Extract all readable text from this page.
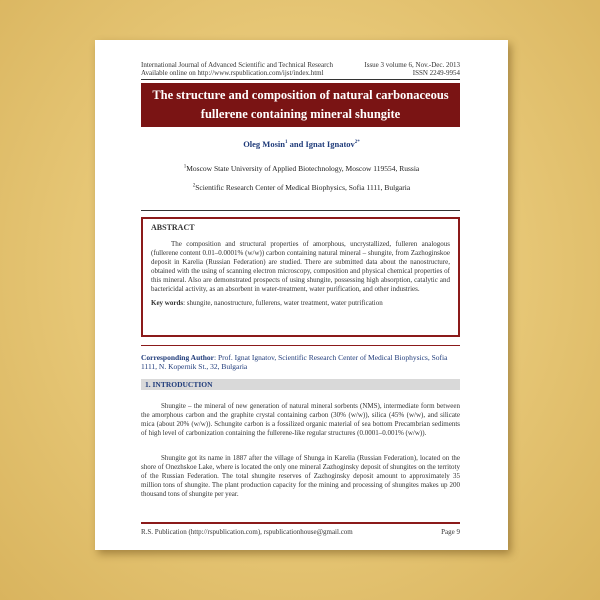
International Journal of Advanced Scientific and Technical Research
Available online on http://www.rspublication.com/ijst/index.html
Issue 3 volume 6, Nov.-Dec. 2013
ISSN 2249-9954
The structure and composition of natural carbonaceous
fullerene containing mineral shungite
Oleg Mosin$^1$ and Ignat Ignatov$^{2*}$
$^1$Moscow State University of Applied Biotechnology, Moscow 119554, Russia
$^2$Scientific Research Center of Medical Biophysics, Sofia 1111, Bulgaria
ABSTRACT
The composition and structural properties of amorphous, uncrystallized, fulleren analogous (fullerene content 0.01–0.0001% (w/w)) carbon containing natural mineral – shungite, from Zazhoginskoe deposit in Karelia (Russian Federation) are studied. There are submitted data about the nanostructure, obtained with the using of scanning electron microscopy, composition and physical chemical properties of this mineral. Also are demonstrated prospects of using shungite, possessing high absorption, catalytic and bactericidal activity, as an absorbent in water-treatment, water purification, and other industries.
Key words: shungite, nanostructure, fullerens, water treatment, water putrification
Corresponding Author: Prof. Ignat Ignatov, Scientific Research Center of Medical Biophysics, Sofia 1111, N. Kopernik St., 32, Bulgaria
1. INTRODUCTION
Shungite – the mineral of new generation of natural mineral sorbents (NMS), intermediate form between the amorphous carbon and the graphite crystal containing carbon (30% (w/w)), silica (45% (w/w), and silicate mica (about 20% (w/w)). Schungite carbon is a fossilized organic material of sea bottom Precambrian sediments of high level of carbonization containing the fullerene-like regular structures (0.0001–0.001% (w/w)).
Shungite got its name in 1887 after the village of Shunga in Karelia (Russian Federation), located on the shore of Onezhskoe Lake, where is located the only one mineral Zazhoginsky deposit of shungites on the territoty of the Russian Federation. The total shungite reserves of Zazhoginsky deposit amount to approximately 35 million tons of shungite. The plant production capacity for the mining and processing of shungites makes up 200 thousand tons of shungite per year.
R.S. Publication (http://rspublication.com), rspublicationhouse@gmail.com	Page 9
